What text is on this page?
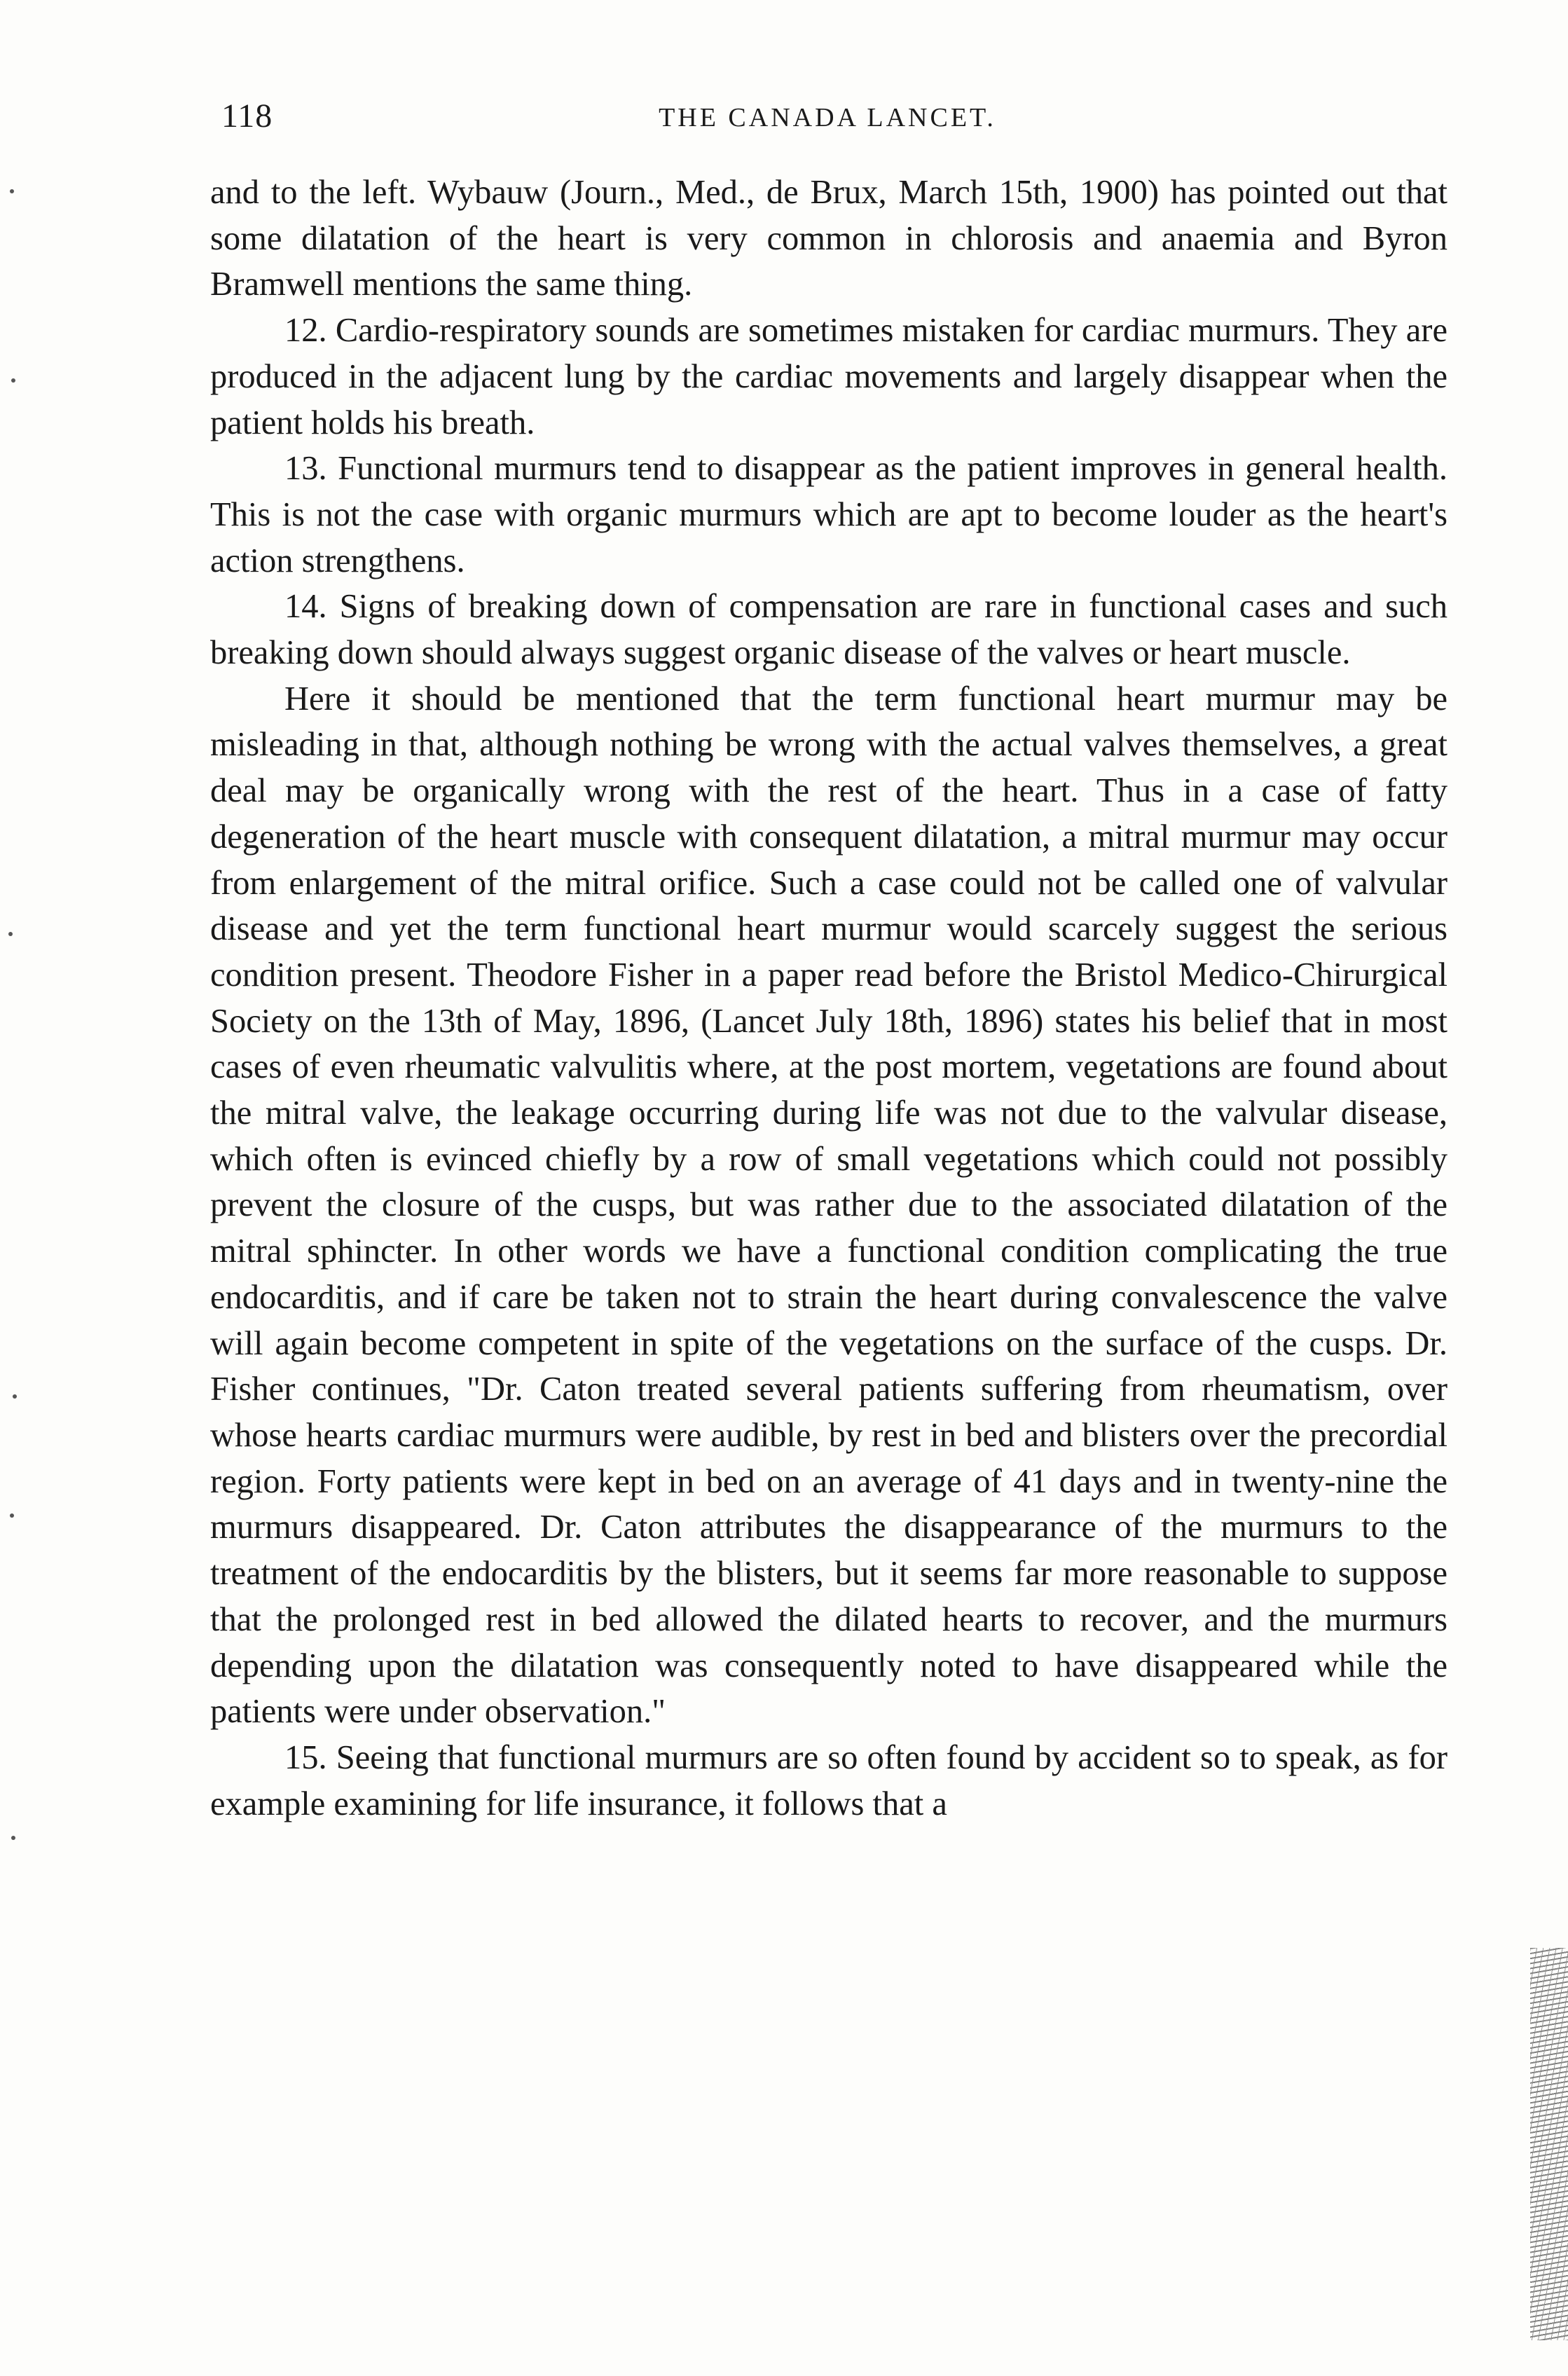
118	THE CANADA LANCET.

and to the left. Wybauw (Journ., Med., de Brux, March 15th, 1900) has pointed out that some dilatation of the heart is very common in chlorosis and anaemia and Byron Bramwell mentions the same thing.

12. Cardio-respiratory sounds are sometimes mistaken for cardiac murmurs. They are produced in the adjacent lung by the cardiac movements and largely disappear when the patient holds his breath.

13. Functional murmurs tend to disappear as the patient improves in general health. This is not the case with organic murmurs which are apt to become louder as the heart's action strengthens.

14. Signs of breaking down of compensation are rare in functional cases and such breaking down should always suggest organic disease of the valves or heart muscle.

Here it should be mentioned that the term functional heart murmur may be misleading in that, although nothing be wrong with the actual valves themselves, a great deal may be organically wrong with the rest of the heart. Thus in a case of fatty degeneration of the heart muscle with consequent dilatation, a mitral murmur may occur from enlargement of the mitral orifice. Such a case could not be called one of valvular disease and yet the term functional heart murmur would scarcely suggest the serious condition present. Theodore Fisher in a paper read before the Bristol Medico-Chirurgical Society on the 13th of May, 1896, (Lancet July 18th, 1896) states his belief that in most cases of even rheumatic valvulitis where, at the post mortem, vegetations are found about the mitral valve, the leakage occurring during life was not due to the valvular disease, which often is evinced chiefly by a row of small vegetations which could not possibly prevent the closure of the cusps, but was rather due to the associated dilatation of the mitral sphincter. In other words we have a functional condition complicating the true endocarditis, and if care be taken not to strain the heart during convalescence the valve will again become competent in spite of the vegetations on the surface of the cusps. Dr. Fisher continues, "Dr. Caton treated several patients suffering from rheumatism, over whose hearts cardiac murmurs were audible, by rest in bed and blisters over the precordial region. Forty patients were kept in bed on an average of 41 days and in twenty-nine the murmurs disappeared. Dr. Caton attributes the disappearance of the murmurs to the treatment of the endocarditis by the blisters, but it seems far more reasonable to suppose that the prolonged rest in bed allowed the dilated hearts to recover, and the murmurs depending upon the dilatation was consequently noted to have disappeared while the patients were under observation."

15. Seeing that functional murmurs are so often found by accident so to speak, as for example examining for life insurance, it follows that a
